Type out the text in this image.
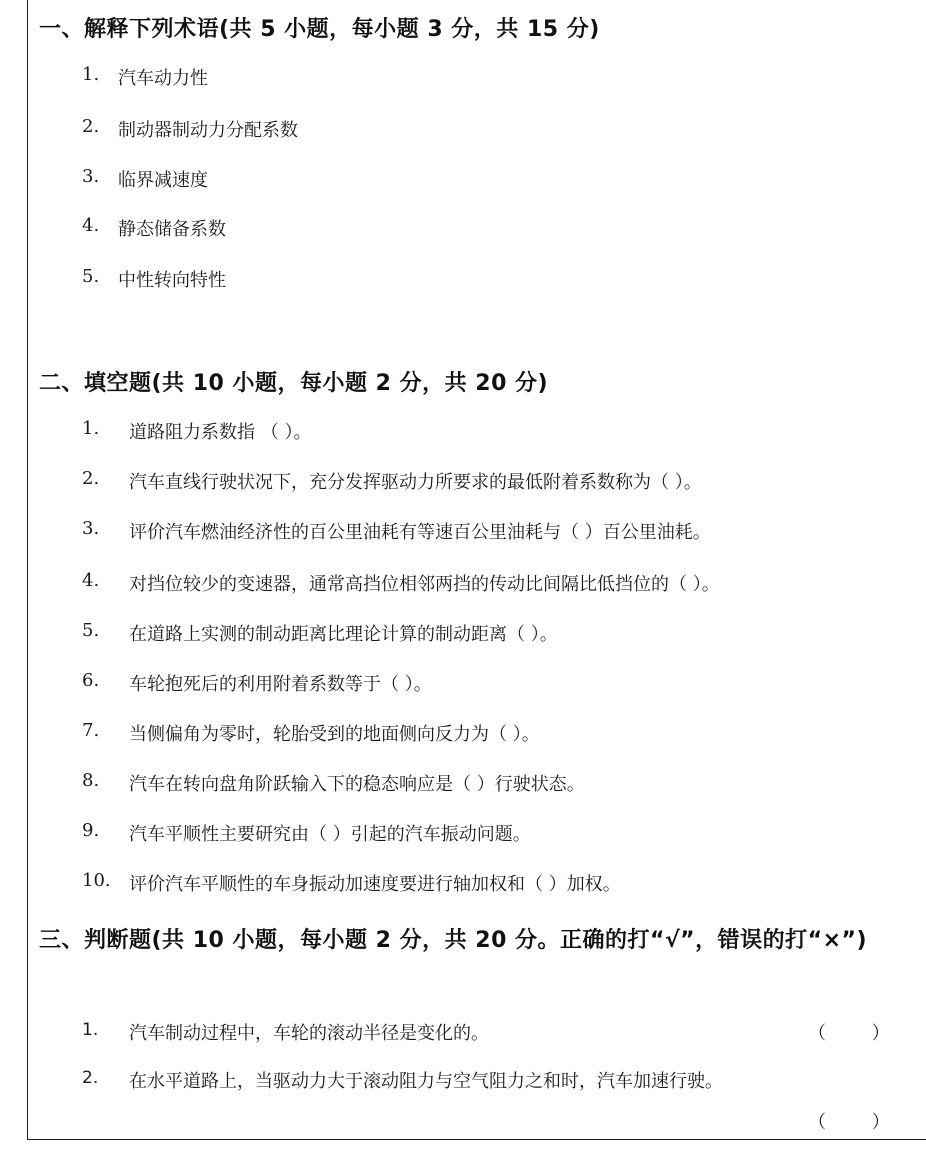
一、解释下列术语(共 5 小题，每小题 3 分，共 15 分)
1. 汽车动力性
2. 制动器制动力分配系数
3. 临界减速度
4. 静态储备系数
5. 中性转向特性
二、填空题(共 10 小题，每小题 2 分，共 20 分)
1. 道路阻力系数指 （ ）。
2. 汽车直线行驶状况下，充分发挥驱动力所要求的最低附着系数称为（ ）。
3. 评价汽车燃油经济性的百公里油耗有等速百公里油耗与（ ）百公里油耗。
4. 对挡位较少的变速器，通常高挡位相邻两挡的传动比间隔比低挡位的（ ）。
5. 在道路上实测的制动距离比理论计算的制动距离（ ）。
6. 车轮抱死后的利用附着系数等于（ ）。
7. 当侧偏角为零时，轮胎受到的地面侧向反力为（ ）。
8. 汽车在转向盘角阶跃输入下的稳态响应是（ ）行驶状态。
9. 汽车平顺性主要研究由（ ）引起的汽车振动问题。
10. 评价汽车平顺性的车身振动加速度要进行轴加权和（ ）加权。
三、判断题(共 10 小题，每小题 2 分，共 20 分。正确的打“√”，错误的打“×”)
1. 汽车制动过程中，车轮的滚动半径是变化的。	（        ）
2. 在水平道路上，当驱动力大于滚动阻力与空气阻力之和时，汽车加速行驶。
（        ）
